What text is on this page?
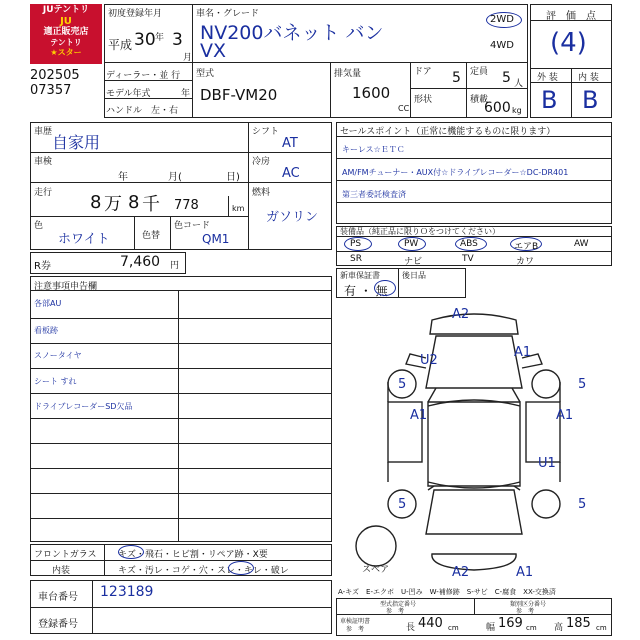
JUテントリ
JU
適正販売店
テントリ
★スター
202505
07357
初度登録年月
平成 30 年 3
月
車名・グレード
NV200バネット バン
VX
2WD
4WD
ディーラー・並 行
モデル年式	年
ハンドル　左・右
型式
DBF-VM20
排気量
1600
CC
ドア 5 定員 5 人
形状	積載
600 kg
評　価　点
(4)
外 装 内 装
B B
車歴
自家用
車検
年	月(	日)
走行 8 万 8 千 778	km
色
ホワイト	色替
色コード
QM1
シフト
AT
冷房
AC
燃料
ガソリン
R券	7,460 円
セールスポイント（正常に機能するものに限ります）
キーレス☆ＥＴＣ
AM/FMチューナー・AUX付☆ドライブレコーダー☆DC-DR401
第三者委託検査済
装備品（純正品に限りＯをつけてください）
PS	PW	ABS	エアB	AW
SR	ナビ	TV	カワ
新車保証書	後日品
有 ・ 無
注意事項申告欄
各部AU
看板跡
スノータイヤ
シート すれ
ドライブレコーダーSD欠品
A2
A1
U2
5	5
A1	A1
U1
5	5
A2	A1
スペア
A-キズ　E-エクボ　U-凹み　W-補修跡　S-サビ　C-腐食　XX-交換済
フロントガラス キズ・飛石・ヒビ割・リペア跡・X要
内装	キズ・汚レ・コゲ・穴・スレ・キレ・破レ
車台番号 123189
登録番号
型式指定番号
参　考
類別区分番号
参　考
車検証明書
参　考	長 440 cm	幅 169 cm 高 185 cm
